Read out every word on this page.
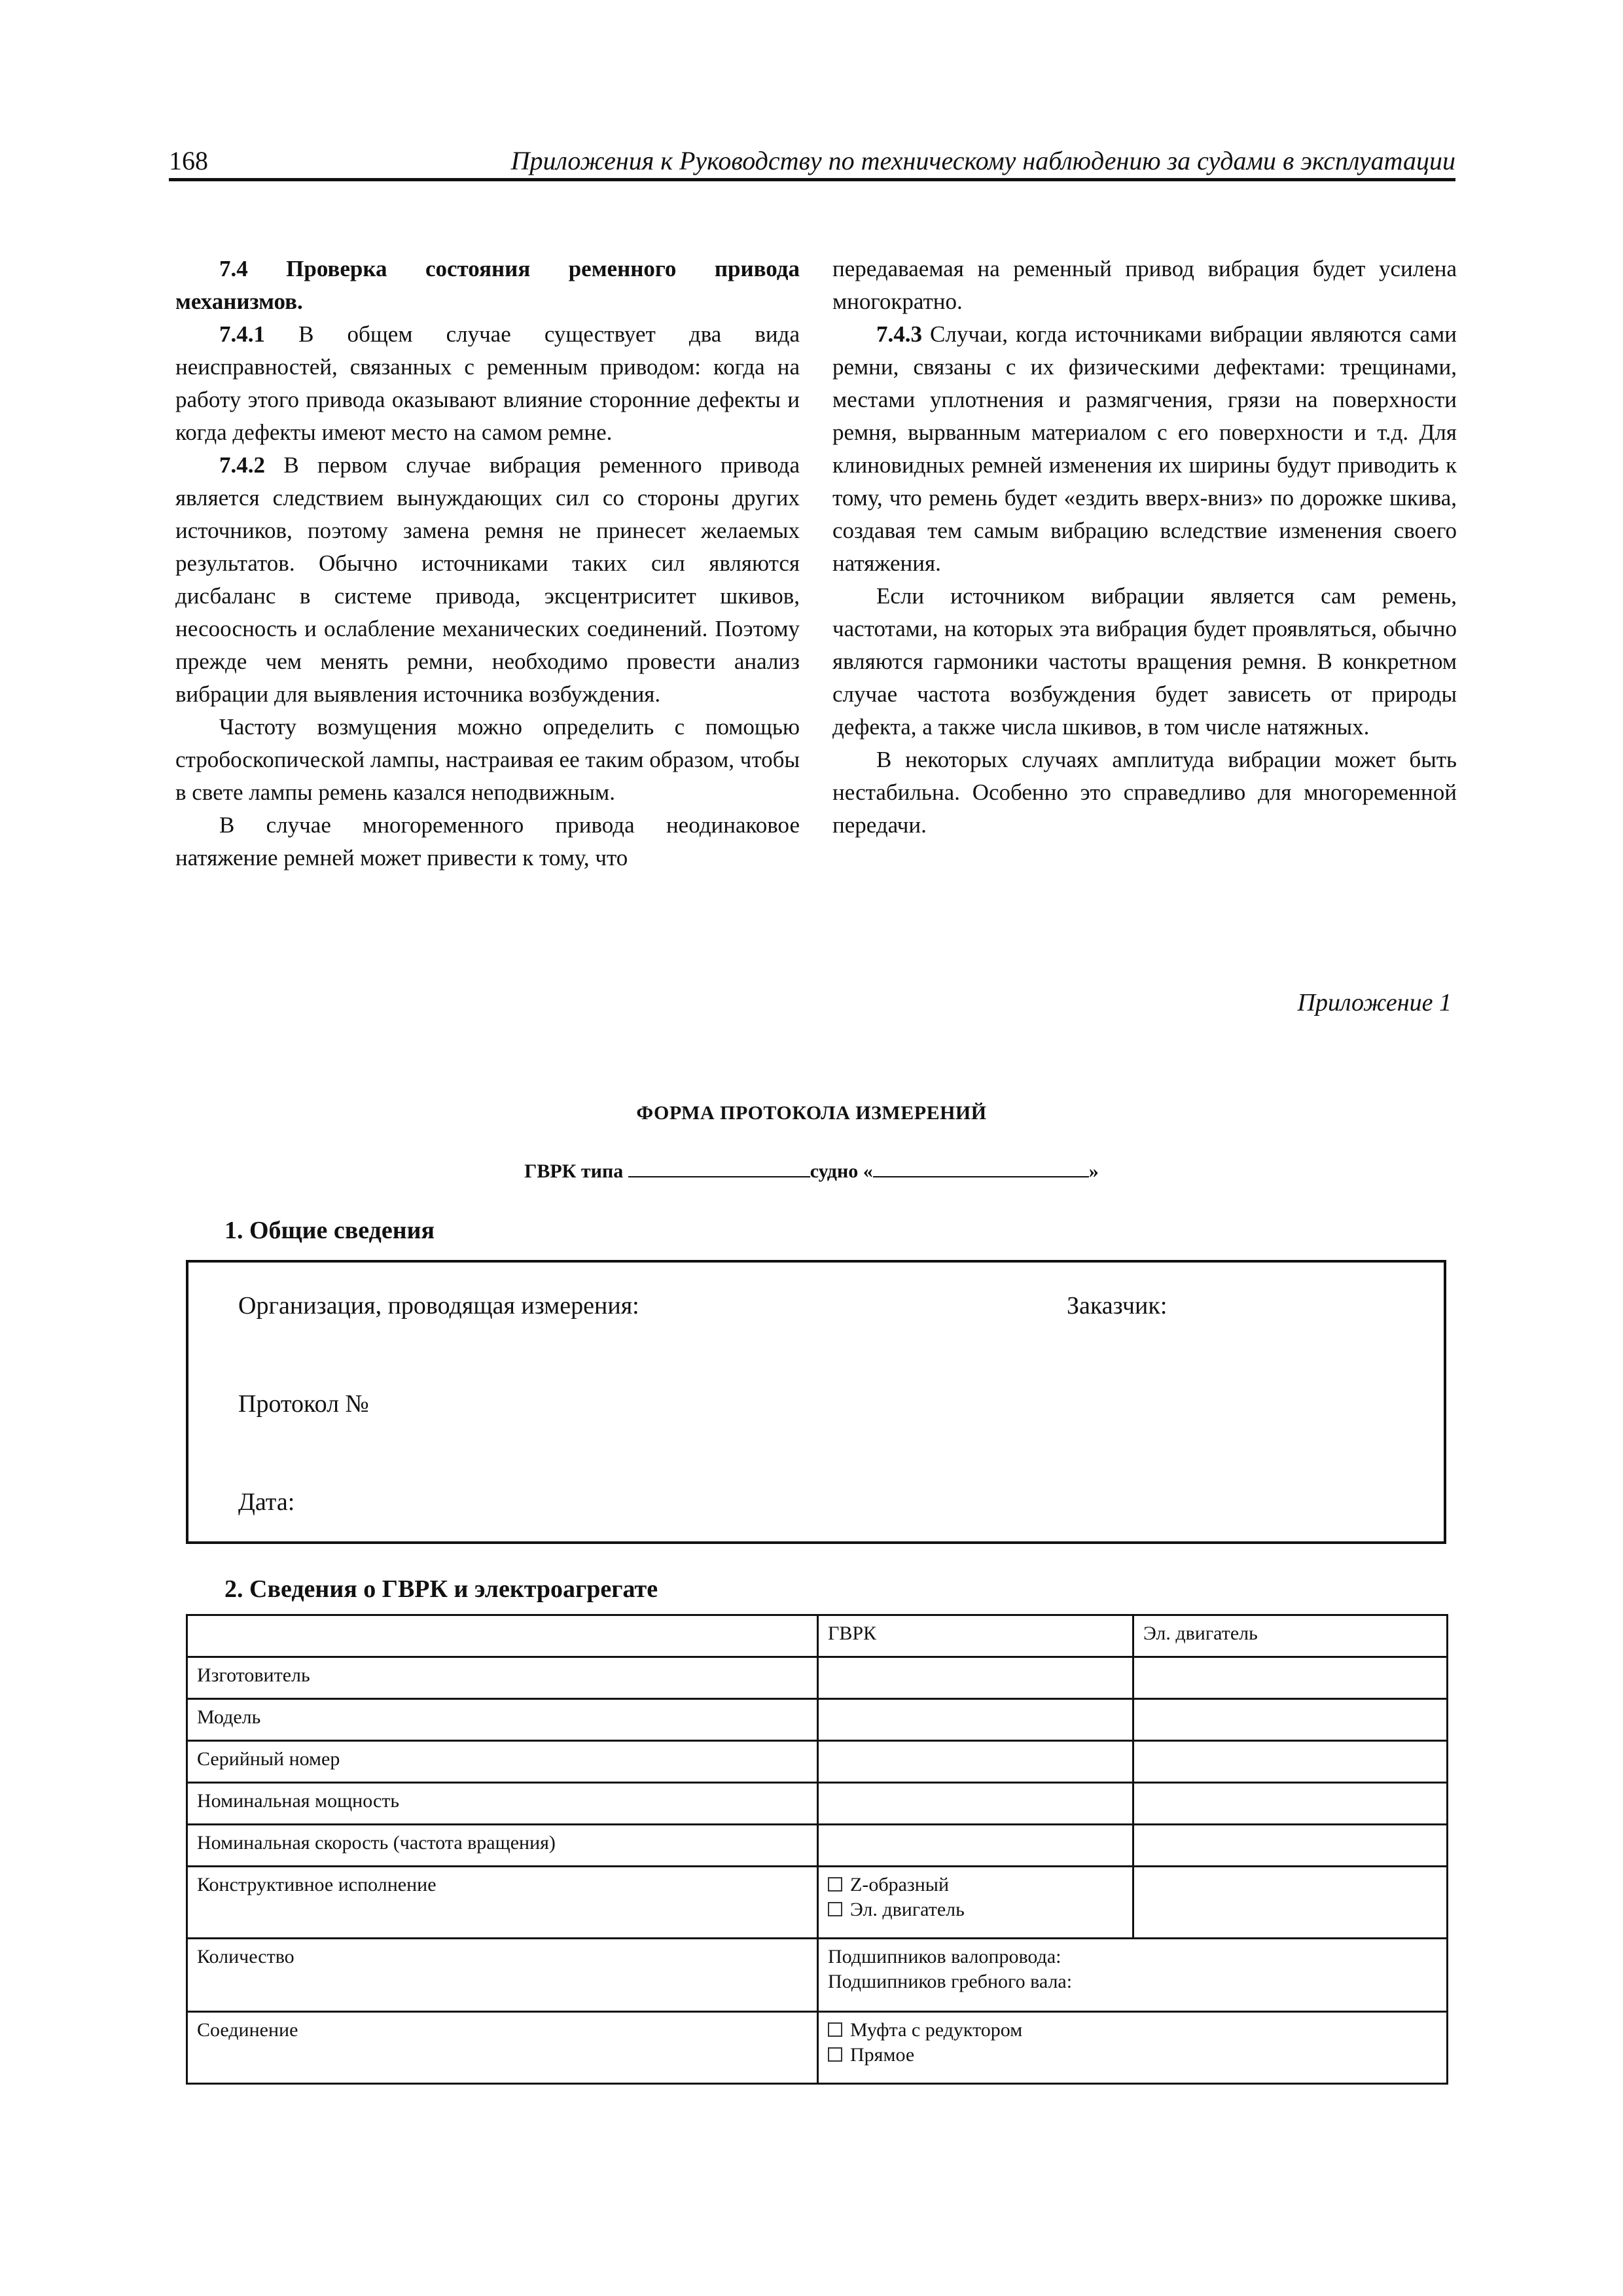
168	Приложения к Руководству по техническому наблюдению за судами в эксплуатации

7.4 Проверка состояния ременного привода механизмов.

7.4.1 В общем случае существует два вида неисправностей, связанных с ременным приводом: когда на работу этого привода оказывают влияние сторонние дефекты и когда дефекты имеют место на самом ремне.

7.4.2 В первом случае вибрация ременного привода является следствием вынуждающих сил со стороны других источников, поэтому замена ремня не принесет желаемых результатов. Обычно источниками таких сил являются дисбаланс в системе привода, эксцентриситет шкивов, несоосность и ослабление механических соединений. Поэтому прежде чем менять ремни, необходимо провести анализ вибрации для выявления источника возбуждения.

Частоту возмущения можно определить с помощью стробоскопической лампы, настраивая ее таким образом, чтобы в свете лампы ремень казался неподвижным.

В случае многоременного привода неодинаковое натяжение ремней может привести к тому, что

передаваемая на ременный привод вибрация будет усилена многократно.

7.4.3 Случаи, когда источниками вибрации являются сами ремни, связаны с их физическими дефектами: трещинами, местами уплотнения и размягчения, грязи на поверхности ремня, вырванным материалом с его поверхности и т.д. Для клиновидных ремней изменения их ширины будут приводить к тому, что ремень будет «ездить вверх-вниз» по дорожке шкива, создавая тем самым вибрацию вследствие изменения своего натяжения.

Если источником вибрации является сам ремень, частотами, на которых эта вибрация будет проявляться, обычно являются гармоники частоты вращения ремня. В конкретном случае частота возбуждения будет зависеть от природы дефекта, а также числа шкивов, в том числе натяжных.

В некоторых случаях амплитуда вибрации может быть нестабильна. Особенно это справедливо для многоременной передачи.

Приложение 1
ФОРМА ПРОТОКОЛА ИЗМЕРЕНИЙ
ГВРК типа	судно «	»
1. Общие сведения
Организация, проводящая измерения:	Заказчик:
Протокол №
Дата:
2. Сведения о ГВРК и электроагрегате
	ГВРК	Эл. двигатель
Изготовитель		
Модель		
Серийный номер		
Номинальная мощность		
Номинальная скорость (частота вращения)		
Конструктивное исполнение	Z-образный
Эл. двигатель	

Количество	Подшипников валопровода:
Подшипников гребного вала:	

Соединение	Муфта с редуктором
Прямое	
